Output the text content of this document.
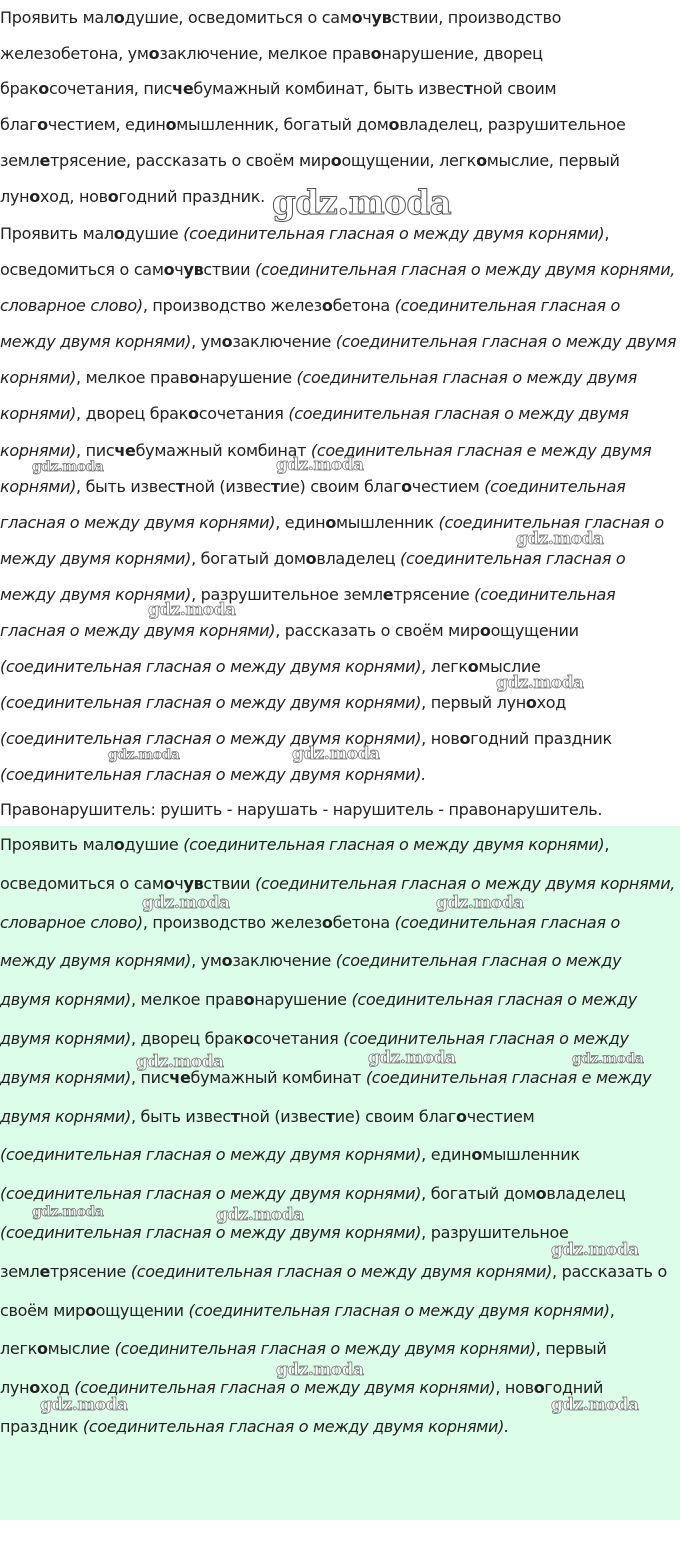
Проявить малодушие, осведомиться о самочувствии, производство железобетона, умозаключение, мелкое правонарушение, дворец бракосочетания, писчебумажный комбинат, быть известной своим благочестием, единомышленник, богатый домовладелец, разрушительное землетрясение, рассказать о своём мироощущении, легкомыслие, первый луноход, новогодний праздник.

Проявить малодушие (соединительная гласная о между двумя корнями), осведомиться о самочувствии (соединительная гласная о между двумя корнями, словарное слово), производство железобетона (соединительная гласная о между двумя корнями), умозаключение (соединительная гласная о между двумя корнями), мелкое правонарушение (соединительная гласная о между двумя корнями), дворец бракосочетания (соединительная гласная о между двумя корнями), писчебумажный комбинат (соединительная гласная е между двумя корнями), быть известной (известие) своим благочестием (соединительная гласная о между двумя корнями), единомышленник (соединительная гласная о между двумя корнями), богатый домовладелец (соединительная гласная о между двумя корнями), разрушительное землетрясение (соединительная гласная о между двумя корнями), рассказать о своём мироощущении (соединительная гласная о между двумя корнями), легкомыслие (соединительная гласная о между двумя корнями), первый луноход (соединительная гласная о между двумя корнями), новогодний праздник (соединительная гласная о между двумя корнями).

Правонарушитель: рушить - нарушать - нарушитель - правонарушитель.

Проявить малодушие (соединительная гласная о между двумя корнями), осведомиться о самочувствии (соединительная гласная о между двумя корнями, словарное слово), производство железобетона (соединительная гласная о между двумя корнями), умозаключение (соединительная гласная о между двумя корнями), мелкое правонарушение (соединительная гласная о между двумя корнями), дворец бракосочетания (соединительная гласная о между двумя корнями), писчебумажный комбинат (соединительная гласная е между двумя корнями), быть известной (известие) своим благочестием (соединительная гласная о между двумя корнями), единомышленник (соединительная гласная о между двумя корнями), богатый домовладелец (соединительная гласная о между двумя корнями), разрушительное землетрясение (соединительная гласная о между двумя корнями), рассказать о своём мироощущении (соединительная гласная о между двумя корнями), легкомыслие (соединительная гласная о между двумя корнями), первый луноход (соединительная гласная о между двумя корнями), новогодний праздник (соединительная гласная о между двумя корнями).

gdz.moda
gdz.moda	gdz.moda
gdz.moda
gdz.moda
gdz.moda
gdz.moda	gdz.moda
gdz.moda	gdz.moda
gdz.moda	gdz.moda	gdz.moda
gdz.moda	gdz.moda
gdz.moda
gdz.moda
gdz.moda	gdz.moda
